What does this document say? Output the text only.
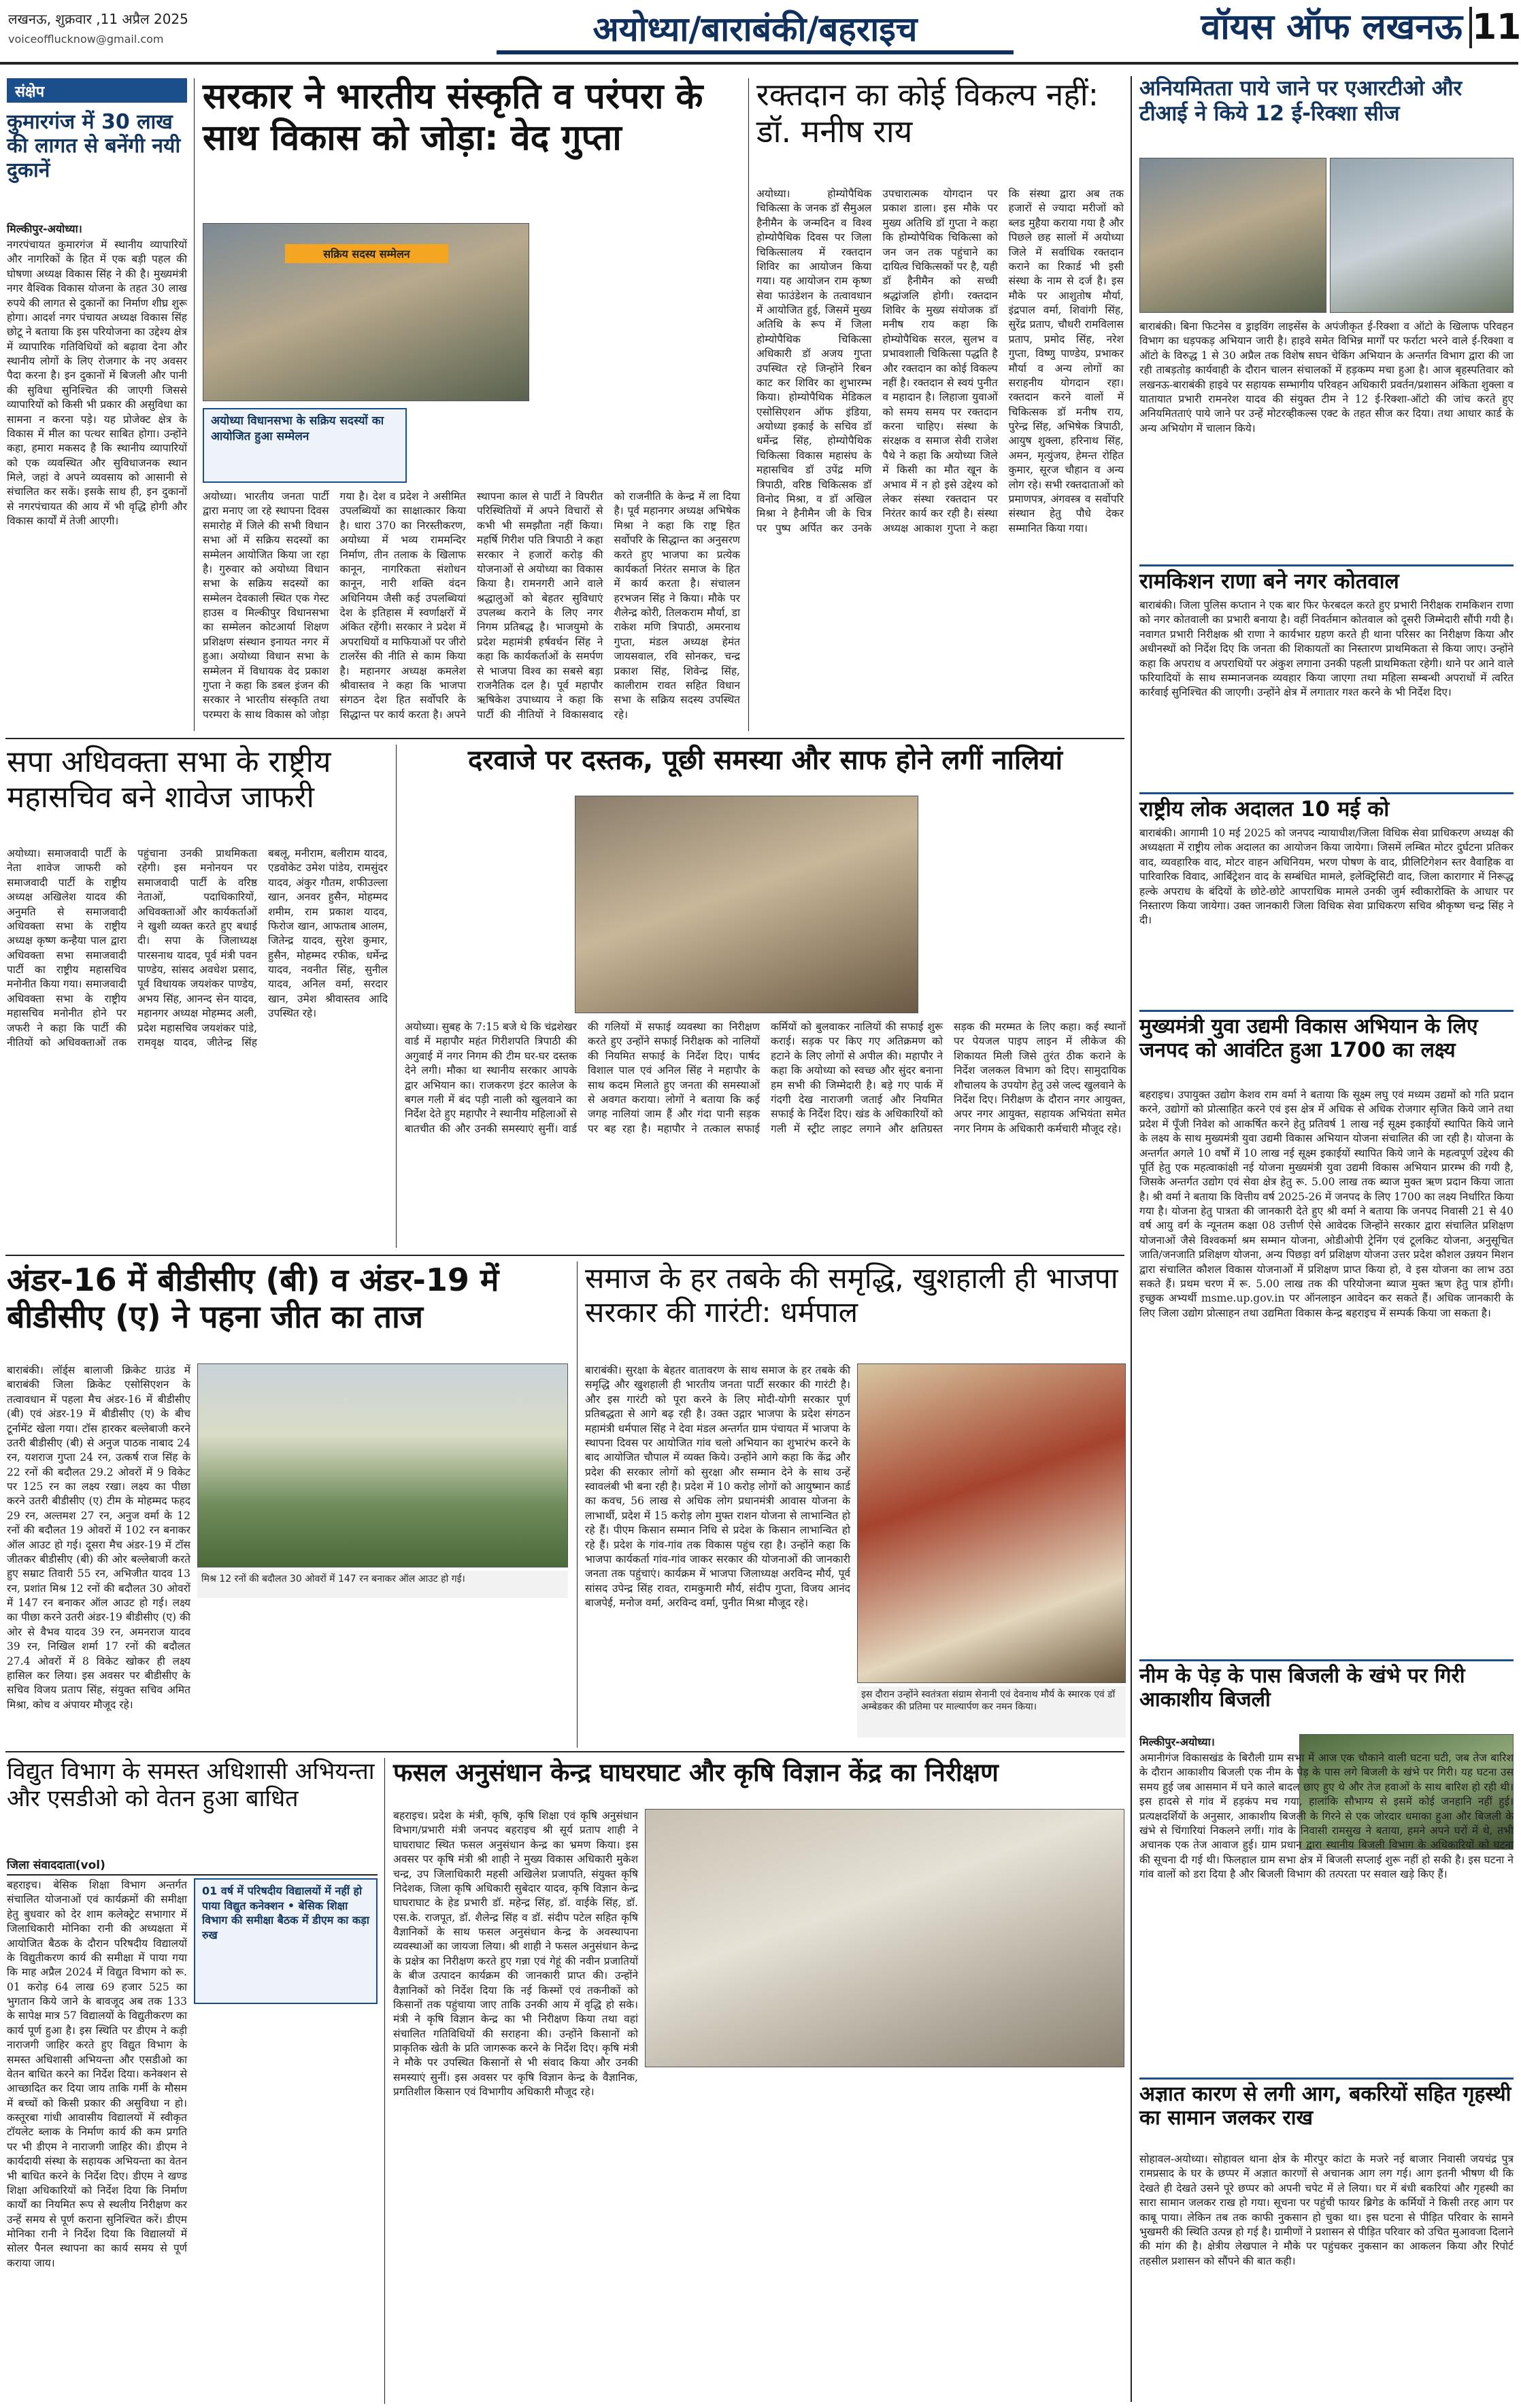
लखनऊ, शुक्रवार ,11 अप्रैल 2025
voiceofflucknow@gmail.com	अयोध्या/बाराबंकी/बहराइच	वॉयस ऑफ लखनऊ 11
संक्षेप
कुमारगंज में 30 लाख की लागत से बनेंगी नयी दुकानें
मिल्कीपुर-अयोध्या।
नगरपंचायत कुमारगंज में स्थानीय व्यापारियों और नागरिकों के हित में एक बड़ी पहल की घोषणा अध्यक्ष विकास सिंह ने की है। मुख्यमंत्री नगर वैश्विक विकास योजना के तहत 30 लाख रुपये की लागत से दुकानों का निर्माण शीघ्र शुरू होगा। आदर्श नगर पंचायत अध्यक्ष विकास सिंह छोटू ने बताया कि इस परियोजना का उद्देश्य क्षेत्र में व्यापारिक गतिविधियों को बढ़ावा देना और स्थानीय लोगों के लिए रोजगार के नए अवसर पैदा करना है। इन दुकानों में बिजली और पानी की सुविधा सुनिश्चित की जाएगी जिससे व्यापारियों को किसी भी प्रकार की असुविधा का सामना न करना पड़े। यह प्रोजेक्ट क्षेत्र के विकास में मील का पत्थर साबित होगा। उन्होंने कहा, हमारा मकसद है कि स्थानीय व्यापारियों को एक व्यवस्थित और सुविधाजनक स्थान मिले, जहां वे अपने व्यवसाय को आसानी से संचालित कर सकें। इसके साथ ही, इन दुकानों से नगरपंचायत की आय में भी वृद्धि होगी और विकास कार्यों में तेजी आएगी।
सरकार ने भारतीय संस्कृति व परंपरा के साथ विकास को जोड़ा: वेद गुप्ता
सक्रिय सदस्य सम्मेलन
अयोध्या विधानसभा के सक्रिय सदस्यों का आयोजित हुआ सम्मेलन
अयोध्या। भारतीय जनता पार्टी द्वारा मनाए जा रहे स्थापना दिवस समारोह में जिले की सभी विधान सभा ओं में सक्रिय सदस्यों का सम्मेलन आयोजित किया जा रहा है। गुरुवार को अयोध्या विधान सभा के सक्रिय सदस्यों का सम्मेलन देवकाली स्थित एक गेस्ट हाउस व मिल्कीपुर विधानसभा का सम्मेलन कोटआर्या शिक्षण प्रशिक्षण संस्थान इनायत नगर में हुआ। अयोध्या विधान सभा के सम्मेलन में विधायक वेद प्रकाश गुप्ता ने कहा कि डबल इंजन की सरकार ने भारतीय संस्कृति तथा परम्परा के साथ विकास को जोड़ा गया है। देश व प्रदेश ने असीमित उपलब्धियों का साक्षात्कार किया है। धारा 370 का निरस्तीकरण, अयोध्या में भव्य राममन्दिर निर्माण, तीन तलाक के खिलाफ कानून, नागरिकता संशोधन कानून, नारी शक्ति वंदन अधिनियम जैसी कई उपलब्धियां देश के इतिहास में स्वर्णाक्षरों में अंकित रहेंगी। सरकार ने प्रदेश में अपराधियों व माफियाओं पर जीरो टालरेंस की नीति से काम किया है। महानगर अध्यक्ष कमलेश श्रीवास्तव ने कहा कि भाजपा संगठन देश हित सर्वोपरि के सिद्धान्त पर कार्य करता है। अपने स्थापना काल से पार्टी ने विपरीत परिस्थितियों में अपने विचारों से कभी भी समझौता नहीं किया। महर्षि गिरीश पति त्रिपाठी ने कहा सरकार ने हजारों करोड़ की योजनाओं से अयोध्या का विकास किया है। रामनगरी आने वाले श्रद्धालुओं को बेहतर सुविधाएं उपलब्ध कराने के लिए नगर निगम प्रतिबद्ध है। भाजयुमो के प्रदेश महामंत्री हर्षवर्धन सिंह ने कहा कि कार्यकर्ताओं के समर्पण से भाजपा विश्व का सबसे बड़ा राजनैतिक दल है। पूर्व महापौर ऋषिकेश उपाध्याय ने कहा कि पार्टी की नीतियों ने विकासवाद को राजनीति के केन्द्र में ला दिया है। पूर्व महानगर अध्यक्ष अभिषेक मिश्रा ने कहा कि राष्ट्र हित सर्वोपरि के सिद्धान्त का अनुसरण करते हुए भाजपा का प्रत्येक कार्यकर्ता निरंतर समाज के हित में कार्य करता है। संचालन हरभजन सिंह ने किया। मौके पर शैलेन्द्र कोरी, तिलकराम मौर्या, डा राकेश मणि त्रिपाठी, अमरनाथ गुप्ता, मंडल अध्यक्ष हेमंत जायसवाल, रवि सोनकर, चन्द्र प्रकाश सिंह, शिवेन्द्र सिंह, कालीराम रावत सहित विधान सभा के सक्रिय सदस्य उपस्थित रहे।
रक्तदान का कोई विकल्प नहीं: डॉ. मनीष राय
अयोध्या। होम्योपैथिक चिकित्सा के जनक डॉ सैमुअल हैनीमैन के जन्मदिन व विश्व होम्योपैथिक दिवस पर जिला चिकित्सालय में रक्तदान शिविर का आयोजन किया गया। यह आयोजन राम कृष्ण सेवा फाउंडेशन के तत्वावधान में आयोजित हुई, जिसमें मुख्य अतिथि के रूप में जिला होम्योपैथिक चिकित्सा अधिकारी डॉ अजय गुप्ता उपस्थित रहे जिन्होंने रिबन काट कर शिविर का शुभारम्भ किया। होम्योपैथिक मेडिकल एसोसिएशन ऑफ इंडिया, अयोध्या इकाई के सचिव डॉ धर्मेन्द्र सिंह, होम्योपैथिक चिकित्सा विकास महासंघ के महासचिव डॉ उपेंद्र मणि त्रिपाठी, वरिष्ठ चिकित्सक डॉ विनोद मिश्रा, व डॉ अखिल मिश्रा ने हैनीमैन जी के चित्र पर पुष्प अर्पित कर उनके उपचारात्मक योगदान पर प्रकाश डाला। इस मौके पर मुख्य अतिथि डॉ गुप्ता ने कहा कि होम्योपैथिक चिकित्सा को जन जन तक पहुंचाने का दायित्व चिकित्सकों पर है, यही डॉ हैनीमैन को सच्ची श्रद्धांजलि होगी। रक्तदान शिविर के मुख्य संयोजक डॉ मनीष राय कहा कि होम्योपैथिक सरल, सुलभ व प्रभावशाली चिकित्सा पद्धति है और रक्तदान का कोई विकल्प नहीं है। रक्तदान से स्वयं पुनीत व महादान है। लिहाजा युवाओं को समय समय पर रक्तदान करना चाहिए। संस्था के संरक्षक व समाज सेवी राजेश पैथे ने कहा कि अयोध्या जिले में किसी का मौत खून के अभाव में न हो इसे उद्देश्य को लेकर संस्था रक्तदान पर निरंतर कार्य कर रही है। संस्था अध्यक्ष आकाश गुप्ता ने कहा कि संस्था द्वारा अब तक हजारों से ज्यादा मरीजों को ब्लड मुहैया कराया गया है और पिछले छह सालों में अयोध्या जिले में सर्वाधिक रक्तदान कराने का रिकार्ड भी इसी संस्था के नाम से दर्ज है। इस मौके पर आशुतोष मौर्या, इंद्रपाल वर्मा, शिवांगी सिंह, सुरेंद्र प्रताप, चौधरी रामविलास प्रताप, प्रमोद सिंह, नरेश गुप्ता, विष्णु पाण्डेय, प्रभाकर मौर्या व अन्य लोगों का सराहनीय योगदान रहा। रक्तदान करने वालों में चिकित्सक डॉ मनीष राय, पुरेन्द्र सिंह, अभिषेक त्रिपाठी, आयुष शुक्ला, हरिनाथ सिंह, अमन, मृत्युंजय, हेमन्त रोहित कुमार, सूरज चौहान व अन्य लोग रहे। सभी रक्तदाताओं को प्रमाणपत्र, अंगवस्त्र व सर्वोपरि संस्थान हेतु पौधे देकर सम्मानित किया गया।
अनियमितता पाये जाने पर एआरटीओ और टीआई ने किये 12 ई-रिक्शा सीज
बाराबंकी। बिना फिटनेस व ड्राइविंग लाइसेंस के अपंजीकृत ई-रिक्शा व ऑटो के खिलाफ परिवहन विभाग का धड़पकड़ अभियान जारी है। हाइवे समेत विभिन्न मार्गों पर फर्राटा भरने वाले ई-रिक्शा व ऑटो के विरुद्ध 1 से 30 अप्रैल तक विशेष सघन चेकिंग अभियान के अन्तर्गत विभाग द्वारा की जा रही ताबड़तोड़ कार्यवाही के दौरान चालन संचालकों में हड़कम्प मचा हुआ है। आज बृहस्पतिवार को लखनऊ-बाराबंकी हाइवे पर सहायक सम्भागीय परिवहन अधिकारी प्रवर्तन/प्रशासन अंकिता शुक्ला व यातायात प्रभारी रामनरेश यादव की संयुक्त टीम ने 12 ई-रिक्शा-ऑटो की जांच करते हुए अनियमितताएं पाये जाने पर उन्हें मोटरव्हीकल्स एक्ट के तहत सीज कर दिया। तथा आधार कार्ड के अन्य अभियोग में चालान किये।
रामकिशन राणा बने नगर कोतवाल
बाराबंकी। जिला पुलिस कप्तान ने एक बार फिर फेरबदल करते हुए प्रभारी निरीक्षक रामकिशन राणा को नगर कोतवाली का प्रभारी बनाया है। वहीं निवर्तमान कोतवाल को दूसरी जिम्मेदारी सौंपी गयी है। नवागत प्रभारी निरीक्षक श्री राणा ने कार्यभार ग्रहण करते ही थाना परिसर का निरीक्षण किया और अधीनस्थों को निर्देश दिए कि जनता की शिकायतों का निस्तारण प्राथमिकता से किया जाए। उन्होंने कहा कि अपराध व अपराधियों पर अंकुश लगाना उनकी पहली प्राथमिकता रहेगी। थाने पर आने वाले फरियादियों के साथ सम्मानजनक व्यवहार किया जाएगा तथा महिला सम्बन्धी अपराधों में त्वरित कार्रवाई सुनिश्चित की जाएगी। उन्होंने क्षेत्र में लगातार गश्त करने के भी निर्देश दिए।
राष्ट्रीय लोक अदालत 10 मई को
बाराबंकी। आगामी 10 मई 2025 को जनपद न्यायाधीश/जिला विधिक सेवा प्राधिकरण अध्यक्ष की अध्यक्षता में राष्ट्रीय लोक अदालत का आयोजन किया जायेगा। जिसमें लम्बित मोटर दुर्घटना प्रतिकर वाद, व्यवहारिक वाद, मोटर वाहन अधिनियम, भरण पोषण के वाद, प्रीलिटिगेशन स्तर वैवाहिक वा पारिवारिक विवाद, आर्बिट्रेशन वाद के सम्बंधित मामले, इलेक्ट्रिसिटी वाद, जिला कारागार में निरूद्ध हल्के अपराध के बंदियों के छोटे-छोटे आपराधिक मामले उनकी जुर्म स्वीकारोक्ति के आधार पर निस्तारण किया जायेगा। उक्त जानकारी जिला विधिक सेवा प्राधिकरण सचिव श्रीकृष्ण चन्द्र सिंह ने दी।
मुख्यमंत्री युवा उद्यमी विकास अभियान के लिए जनपद को आवंटित हुआ 1700 का लक्ष्य
बहराइच। उपायुक्त उद्योग केशव राम वर्मा ने बताया कि सूक्ष्म लघु एवं मध्यम उद्यमों को गति प्रदान करने, उद्योगों को प्रोत्साहित करने एवं इस क्षेत्र में अधिक से अधिक रोजगार सृजित किये जाने तथा प्रदेश में पूँजी निवेश को आकर्षित करने हेतु प्रतिवर्ष 1 लाख नई सूक्ष्म इकाईयों स्थापित किये जाने के लक्ष्य के साथ मुख्यमंत्री युवा उद्यमी विकास अभियान योजना संचालित की जा रही है। योजना के अन्तर्गत अगले 10 वर्षों में 10 लाख नई सूक्ष्म इकाईयों स्थापित किये जाने के महत्वपूर्ण उद्देश्य की पूर्ति हेतु एक महत्वाकांक्षी नई योजना मुख्यमंत्री युवा उद्यमी विकास अभियान प्रारम्भ की गयी है, जिसके अन्तर्गत उद्योग एवं सेवा क्षेत्र हेतु रू. 5.00 लाख तक ब्याज मुक्त ऋण प्रदान किया जाता है। श्री वर्मा ने बताया कि वित्तीय वर्ष 2025-26 में जनपद के लिए 1700 का लक्ष्य निर्धारित किया गया है। योजना हेतु पात्रता की जानकारी देते हुए श्री वर्मा ने बताया कि जनपद निवासी 21 से 40 वर्ष आयु वर्ग के न्यूनतम कक्षा 08 उत्तीर्ण ऐसे आवेदक जिन्होंने सरकार द्वारा संचालित प्रशिक्षण योजनाओं जैसे विश्वकर्मा श्रम सम्मान योजना, ओडीओपी ट्रेनिंग एवं टूलकिट योजना, अनुसूचित जाति/जनजाति प्रशिक्षण योजना, अन्य पिछड़ा वर्ग प्रशिक्षण योजना उत्तर प्रदेश कौशल उन्नयन मिशन द्वारा संचालित कौशल विकास योजनाओं में प्रशिक्षण प्राप्त किया हो, वे इस योजना का लाभ उठा सकते हैं। प्रथम चरण में रू. 5.00 लाख तक की परियोजना ब्याज मुक्त ऋण हेतु पात्र होंगी। इच्छुक अभ्यर्थी msme.up.gov.in पर ऑनलाइन आवेदन कर सकते हैं। अधिक जानकारी के लिए जिला उद्योग प्रोत्साहन तथा उद्यमिता विकास केन्द्र बहराइच में सम्पर्क किया जा सकता है।
नीम के पेड़ के पास बिजली के खंभे पर गिरी आकाशीय बिजली
मिल्कीपुर-अयोध्या।
अमानीगंज विकासखंड के बिरौली ग्राम सभा में आज एक चौकाने वाली घटना घटी, जब तेज बारिश के दौरान आकाशीय बिजली एक नीम के पेड़ के पास लगे बिजली के खंभे पर गिरी। यह घटना उस समय हुई जब आसमान में घने काले बादल छाए हुए थे और तेज हवाओं के साथ बारिश हो रही थी। इस हादसे से गांव में हड़कंप मच गया, हालांकि सौभाग्य से इसमें कोई जनहानि नहीं हुई। प्रत्यक्षदर्शियों के अनुसार, आकाशीय बिजली के गिरने से एक जोरदार धमाका हुआ और बिजली के खंभे से चिंगारियां निकलने लगीं। गांव के निवासी रामसुख ने बताया, हमने अपने घरों में थे, तभी अचानक एक तेज आवाज हुई। ग्राम प्रधान द्वारा स्थानीय बिजली विभाग के अधिकारियों को घटना की सूचना दी गई थी। फिलहाल ग्राम सभा क्षेत्र में बिजली सप्लाई शुरू नहीं हो सकी है। इस घटना ने गांव वालों को डरा दिया है और बिजली विभाग की तत्परता पर सवाल खड़े किए हैं।
अज्ञात कारण से लगी आग, बकरियों सहित गृहस्थी का सामान जलकर राख
सोहावल-अयोध्या। सोहावल थाना क्षेत्र के मीरपुर कांटा के मजरे नई बाजार निवासी जयचंद्र पुत्र रामप्रसाद के घर के छप्पर में अज्ञात कारणों से अचानक आग लग गई। आग इतनी भीषण थी कि देखते ही देखते उसने पूरे छप्पर को अपनी चपेट में ले लिया। घर में बंधी बकरियां और गृहस्थी का सारा सामान जलकर राख हो गया। सूचना पर पहुंची फायर ब्रिगेड के कर्मियों ने किसी तरह आग पर काबू पाया। लेकिन तब तक काफी नुकसान हो चुका था। इस घटना से पीड़ित परिवार के सामने भुखमरी की स्थिति उत्पन्न हो गई है। ग्रामीणों ने प्रशासन से पीड़ित परिवार को उचित मुआवजा दिलाने की मांग की है। क्षेत्रीय लेखपाल ने मौके पर पहुंचकर नुकसान का आकलन किया और रिपोर्ट तहसील प्रशासन को सौंपने की बात कही।
सपा अधिवक्ता सभा के राष्ट्रीय महासचिव बने शावेज जाफरी
अयोध्या। समाजवादी पार्टी के नेता शावेज जाफरी को समाजवादी पार्टी के राष्ट्रीय अध्यक्ष अखिलेश यादव की अनुमति से समाजवादी अधिवक्ता सभा के राष्ट्रीय अध्यक्ष कृष्ण कन्हैया पाल द्वारा अधिवक्ता सभा समाजवादी पार्टी का राष्ट्रीय महासचिव मनोनीत किया गया। समाजवादी अधिवक्ता सभा के राष्ट्रीय महासचिव मनोनीत होने पर जफरी ने कहा कि पार्टी की नीतियों को अधिवक्ताओं तक पहुंचाना उनकी प्राथमिकता रहेगी। इस मनोनयन पर समाजवादी पार्टी के वरिष्ठ नेताओं, पदाधिकारियों, अधिवक्ताओं और कार्यकर्ताओं ने खुशी व्यक्त करते हुए बधाई दी। सपा के जिलाध्यक्ष पारसनाथ यादव, पूर्व मंत्री पवन पाण्डेय, सांसद अवधेश प्रसाद, पूर्व विधायक जयशंकर पाण्डेय, अभय सिंह, आनन्द सेन यादव, महानगर अध्यक्ष मोहम्मद अली, प्रदेश महासचिव जयशंकर पांडे, रामवृक्ष यादव, जीतेन्द्र सिंह बबलू, मनीराम, बलीराम यादव, एडवोकेट उमेश पांडेय, रामसुंदर यादव, अंकुर गौतम, शफीउल्ला खान, अनवर हुसैन, मोहम्मद शमीम, राम प्रकाश यादव, फिरोज खान, आफताब आलम, जितेन्द्र यादव, सुरेश कुमार, हुसैन, मोहम्मद रफीक, धर्मेन्द्र यादव, नवनीत सिंह, सुनील यादव, अनिल वर्मा, सरदार खान, उमेश श्रीवास्तव आदि उपस्थित रहे।
दरवाजे पर दस्तक, पूछी समस्या और साफ होने लगीं नालियां
अयोध्या। सुबह के 7:15 बजे थे कि चंद्रशेखर वार्ड में महापौर महंत गिरीशपति त्रिपाठी की अगुवाई में नगर निगम की टीम घर-घर दस्तक देने लगी। मौका था स्थानीय सरकार आपके द्वार अभियान का। राजकरण इंटर कालेज के बगल गली में बंद पड़ी नाली को खुलवाने का निर्देश देते हुए महापौर ने स्थानीय महिलाओं से बातचीत की और उनकी समस्याएं सुनीं। वार्ड की गलियों में सफाई व्यवस्था का निरीक्षण करते हुए उन्होंने सफाई निरीक्षक को नालियों की नियमित सफाई के निर्देश दिए। पार्षद विशाल पाल एवं अनिल सिंह ने महापौर के साथ कदम मिलाते हुए जनता की समस्याओं से अवगत कराया। लोगों ने बताया कि कई जगह नालियां जाम हैं और गंदा पानी सड़क पर बह रहा है। महापौर ने तत्काल सफाई कर्मियों को बुलवाकर नालियों की सफाई शुरू कराई। सड़क पर किए गए अतिक्रमण को हटाने के लिए लोगों से अपील की। महापौर ने कहा कि अयोध्या को स्वच्छ और सुंदर बनाना हम सभी की जिम्मेदारी है। बड़े गए पार्क में गंदगी देख नाराजगी जताई और नियमित सफाई के निर्देश दिए। खंड के अधिकारियों को गली में स्ट्रीट लाइट लगाने और क्षतिग्रस्त सड़क की मरम्मत के लिए कहा। कई स्थानों पर पेयजल पाइप लाइन में लीकेज की शिकायत मिली जिसे तुरंत ठीक कराने के निर्देश जलकल विभाग को दिए। सामुदायिक शौचालय के उपयोग हेतु उसे जल्द खुलवाने के निर्देश दिए। निरीक्षण के दौरान नगर आयुक्त, अपर नगर आयुक्त, सहायक अभियंता समेत नगर निगम के अधिकारी कर्मचारी मौजूद रहे।
अंडर-16 में बीडीसीए (बी) व अंडर-19 में बीडीसीए (ए) ने पहना जीत का ताज
मिश्र 12 रनों की बदौलत 30 ओवरों में 147 रन बनाकर ऑल आउट हो गई।
बाराबंकी। लॉर्ड्स बालाजी क्रिकेट ग्राउंड में बाराबंकी जिला क्रिकेट एसोसिएशन के तत्वावधान में पहला मैच अंडर-16 में बीडीसीए (बी) एवं अंडर-19 में बीडीसीए (ए) के बीच टूर्नामेंट खेला गया। टॉस हारकर बल्लेबाजी करने उतरी बीडीसीए (बी) से अनुज पाठक नाबाद 24 रन, यशराज गुप्ता 24 रन, उत्कर्ष राज सिंह के 22 रनों की बदौलत 29.2 ओवरों में 9 विकेट पर 125 रन का लक्ष्य रखा। लक्ष्य का पीछा करने उतरी बीडीसीए (ए) टीम के मोहम्मद फहद 29 रन, अल्तमश 27 रन, अनुज वर्मा के 12 रनों की बदौलत 19 ओवरों में 102 रन बनाकर ऑल आउट हो गई। दूसरा मैच अंडर-19 में टॉस जीतकर बीडीसीए (बी) की ओर बल्लेबाजी करते हुए सम्राट तिवारी 55 रन, अभिजीत यादव 13 रन, प्रशांत मिश्र 12 रनों की बदौलत 30 ओवरों में 147 रन बनाकर ऑल आउट हो गई। लक्ष्य का पीछा करने उतरी अंडर-19 बीडीसीए (ए) की ओर से वैभव यादव 39 रन, अमनराज यादव 39 रन, निखिल शर्मा 17 रनों की बदौलत 27.4 ओवरों में 8 विकेट खोकर ही लक्ष्य हासिल कर लिया। इस अवसर पर बीडीसीए के सचिव विजय प्रताप सिंह, संयुक्त सचिव अमित मिश्रा, कोच व अंपायर मौजूद रहे।
समाज के हर तबके की समृद्धि, खुशहाली ही भाजपा सरकार की गारंटी: धर्मपाल
बाराबंकी। सुरक्षा के बेहतर वातावरण के साथ समाज के हर तबके की समृद्धि और खुशहाली ही भारतीय जनता पार्टी सरकार की गारंटी है। और इस गारंटी को पूरा करने के लिए मोदी-योगी सरकार पूर्ण प्रतिबद्धता से आगे बढ़ रही है। उक्त उद्गार भाजपा के प्रदेश संगठन महामंत्री धर्मपाल सिंह ने देवा मंडल अन्तर्गत ग्राम पंचायत में भाजपा के स्थापना दिवस पर आयोजित गांव चलो अभियान का शुभारंभ करने के बाद आयोजित चौपाल में व्यक्त किये। उन्होंने आगे कहा कि केंद्र और प्रदेश की सरकार लोगों को सुरक्षा और सम्मान देने के साथ उन्हें स्वावलंबी भी बना रही है। प्रदेश में 10 करोड़ लोगों को आयुष्मान कार्ड का कवच, 56 लाख से अधिक लोग प्रधानमंत्री आवास योजना के लाभार्थी, प्रदेश में 15 करोड़ लोग मुफ्त राशन योजना से लाभान्वित हो रहे हैं। पीएम किसान सम्मान निधि से प्रदेश के किसान लाभान्वित हो रहे हैं। प्रदेश के गांव-गांव तक विकास पहुंच रहा है। उन्होंने कहा कि भाजपा कार्यकर्ता गांव-गांव जाकर सरकार की योजनाओं की जानकारी जनता तक पहुंचाएं। कार्यक्रम में भाजपा जिलाध्यक्ष अरविन्द मौर्य, पूर्व सांसद उपेन्द्र सिंह रावत, रामकुमारी मौर्य, संदीप गुप्ता, विजय आनंद बाजपेई, मनोज वर्मा, अरविन्द वर्मा, पुनीत मिश्रा मौजूद रहे।
इस दौरान उन्होंने स्वतंत्रता संग्राम सेनानी एवं देवनाथ मौर्य के स्मारक एवं डॉ अम्बेडकर की प्रतिमा पर माल्यार्पण कर नमन किया।
विद्युत विभाग के समस्त अधिशासी अभियन्ता और एसडीओ को वेतन हुआ बाधित
जिला संवाददाता(vol)
बहराइच। बेसिक शिक्षा विभाग अन्तर्गत संचालित योजनाओं एवं कार्यक्रमों की समीक्षा हेतु बुधवार को देर शाम कलेक्ट्रेट सभागार में जिलाधिकारी मोनिका रानी की अध्यक्षता में आयोजित बैठक के दौरान परिषदीय विद्यालयों के विद्युतीकरण कार्य की समीक्षा में पाया गया कि माह अप्रैल 2024 में विद्युत विभाग को रू. 01 करोड़ 64 लाख 69 हजार 525 का भुगतान किये जाने के बावजूद अब तक 133 के सापेक्ष मात्र 57 विद्यालयों के विद्युतीकरण का कार्य पूर्ण हुआ है। इस स्थिति पर डीएम ने कड़ी नाराजगी जाहिर करते हुए विद्युत विभाग के समस्त अधिशासी अभियन्ता और एसडीओ का वेतन बाधित करने का निर्देश दिया। कनेक्शन से आच्छादित कर दिया जाय ताकि गर्मी के मौसम में बच्चों को किसी प्रकार की असुविधा न हो। कस्तूरबा गांधी आवासीय विद्यालयों में स्वीकृत टॉयलेट ब्लाक के निर्माण कार्य की कम प्रगति पर भी डीएम ने नाराजगी जाहिर की। डीएम ने कार्यदायी संस्था के सहायक अभियन्ता का वेतन भी बाधित करने के निर्देश दिए। डीएम ने खण्ड शिक्षा अधिकारियों को निर्देश दिया कि निर्माण कार्यों का नियमित रूप से स्थलीय निरीक्षण कर उन्हें समय से पूर्ण कराना सुनिश्चित करें। डीएम मोनिका रानी ने निर्देश दिया कि विद्यालयों में सोलर पैनल स्थापना का कार्य समय से पूर्ण कराया जाय।
01 वर्ष में परिषदीय विद्यालयों में नहीं हो पाया विद्युत कनेक्शन • बेसिक शिक्षा विभाग की समीक्षा बैठक में डीएम का कड़ा रुख
फसल अनुसंधान केन्द्र घाघरघाट और कृषि विज्ञान केंद्र का निरीक्षण
बहराइच। प्रदेश के मंत्री, कृषि, कृषि शिक्षा एवं कृषि अनुसंधान विभाग/प्रभारी मंत्री जनपद बहराइच श्री सूर्य प्रताप शाही ने घाघराघाट स्थित फसल अनुसंधान केन्द्र का भ्रमण किया। इस अवसर पर कृषि मंत्री श्री शाही ने मुख्य विकास अधिकारी मुकेश चन्द्र, उप जिलाधिकारी महसी अखिलेश प्रजापति, संयुक्त कृषि निदेशक, जिला कृषि अधिकारी सुबेदार यादव, कृषि विज्ञान केन्द्र घाघराघाट के हेड प्रभारी डॉ. महेन्द्र सिंह, डॉ. वाईके सिंह, डॉ. एस.के. राजपूत, डॉ. शैलेन्द्र सिंह व डॉ. संदीप पटेल सहित कृषि वैज्ञानिकों के साथ फसल अनुसंधान केन्द्र के अवस्थापना व्यवस्थाओं का जायजा लिया। श्री शाही ने फसल अनुसंधान केन्द्र के प्रक्षेत्र का निरीक्षण करते हुए गन्ना एवं गेहूं की नवीन प्रजातियों के बीज उत्पादन कार्यक्रम की जानकारी प्राप्त की। उन्होंने वैज्ञानिकों को निर्देश दिया कि नई किस्मों एवं तकनीकों को किसानों तक पहुंचाया जाए ताकि उनकी आय में वृद्धि हो सके। मंत्री ने कृषि विज्ञान केन्द्र का भी निरीक्षण किया तथा वहां संचालित गतिविधियों की सराहना की। उन्होंने किसानों को प्राकृतिक खेती के प्रति जागरूक करने के निर्देश दिए। कृषि मंत्री ने मौके पर उपस्थित किसानों से भी संवाद किया और उनकी समस्याएं सुनीं। इस अवसर पर कृषि विज्ञान केन्द्र के वैज्ञानिक, प्रगतिशील किसान एवं विभागीय अधिकारी मौजूद रहे।
